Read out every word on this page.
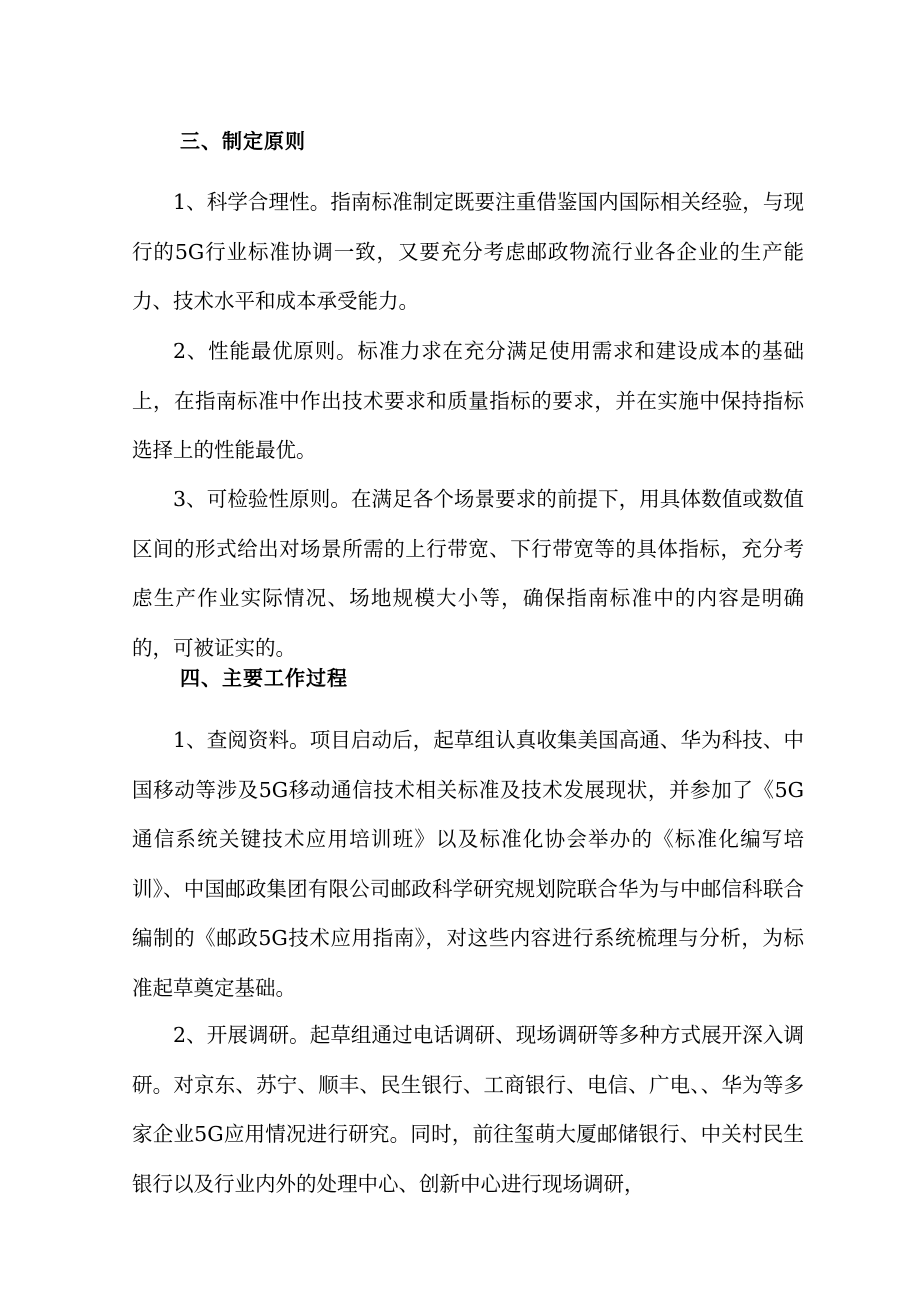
三、制定原则

1、科学合理性。指南标准制定既要注重借鉴国内国际相关经验，与现行的5G行业标准协调一致，又要充分考虑邮政物流行业各企业的生产能力、技术水平和成本承受能力。

2、性能最优原则。标准力求在充分满足使用需求和建设成本的基础上，在指南标准中作出技术要求和质量指标的要求，并在实施中保持指标选择上的性能最优。

3、可检验性原则。在满足各个场景要求的前提下，用具体数值或数值区间的形式给出对场景所需的上行带宽、下行带宽等的具体指标，充分考虑生产作业实际情况、场地规模大小等，确保指南标准中的内容是明确的，可被证实的。

四、主要工作过程

1、查阅资料。项目启动后，起草组认真收集美国高通、华为科技、中国移动等涉及5G移动通信技术相关标准及技术发展现状，并参加了《5G通信系统关键技术应用培训班》以及标准化协会举办的《标准化编写培训》、中国邮政集团有限公司邮政科学研究规划院联合华为与中邮信科联合编制的《邮政5G技术应用指南》，对这些内容进行系统梳理与分析，为标准起草奠定基础。

2、开展调研。起草组通过电话调研、现场调研等多种方式展开深入调研。对京东、苏宁、顺丰、民生银行、工商银行、电信、广电、、华为等多家企业5G应用情况进行研究。同时，前往玺萌大厦邮储银行、中关村民生银行以及行业内外的处理中心、创新中心进行现场调研，
